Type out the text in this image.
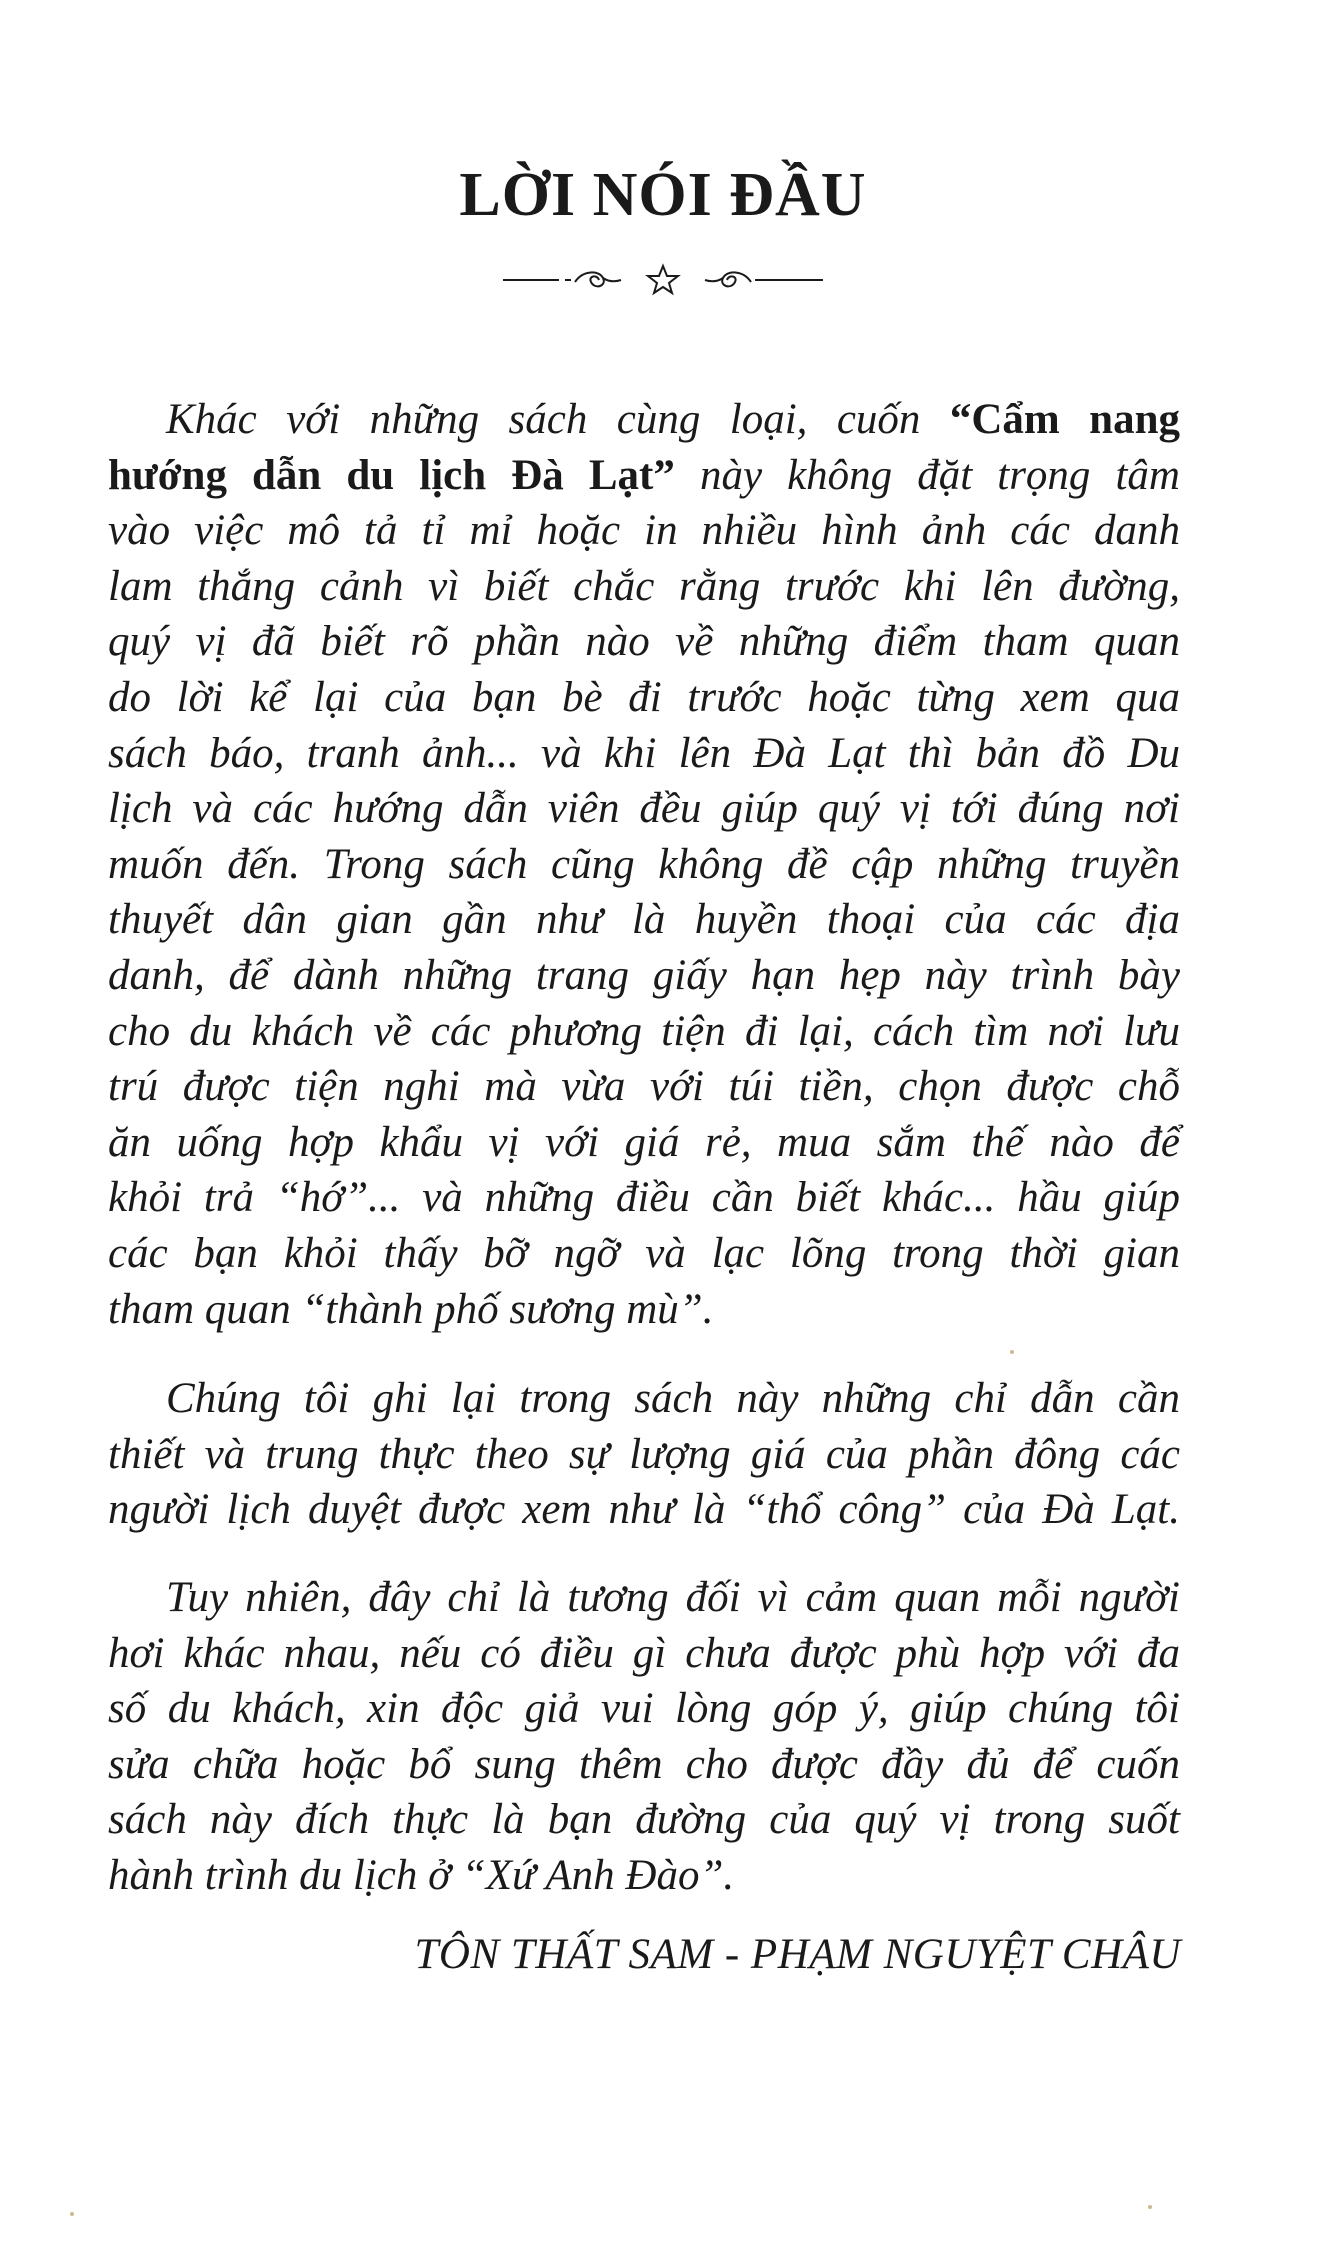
LỜI NÓI ĐẦU
Khác với những sách cùng loại, cuốn “Cẩm nang
hướng dẫn du lịch Đà Lạt” này không đặt trọng tâm
vào việc mô tả tỉ mỉ hoặc in nhiều hình ảnh các danh
lam thắng cảnh vì biết chắc rằng trước khi lên đường,
quý vị đã biết rõ phần nào về những điểm tham quan
do lời kể lại của bạn bè đi trước hoặc từng xem qua
sách báo, tranh ảnh... và khi lên Đà Lạt thì bản đồ Du
lịch và các hướng dẫn viên đều giúp quý vị tới đúng nơi
muốn đến. Trong sách cũng không đề cập những truyền
thuyết dân gian gần như là huyền thoại của các địa
danh, để dành những trang giấy hạn hẹp này trình bày
cho du khách về các phương tiện đi lại, cách tìm nơi lưu
trú được tiện nghi mà vừa với túi tiền, chọn được chỗ
ăn uống hợp khẩu vị với giá rẻ, mua sắm thế nào để
khỏi trả “hớ”... và những điều cần biết khác... hầu giúp
các bạn khỏi thấy bỡ ngỡ và lạc lõng trong thời gian
tham quan “thành phố sương mù”.
Chúng tôi ghi lại trong sách này những chỉ dẫn cần
thiết và trung thực theo sự lượng giá của phần đông các
người lịch duyệt được xem như là “thổ công” của Đà Lạt.
Tuy nhiên, đây chỉ là tương đối vì cảm quan mỗi người
hơi khác nhau, nếu có điều gì chưa được phù hợp với đa
số du khách, xin độc giả vui lòng góp ý, giúp chúng tôi
sửa chữa hoặc bổ sung thêm cho được đầy đủ để cuốn
sách này đích thực là bạn đường của quý vị trong suốt
hành trình du lịch ở “Xứ Anh Đào”.
TÔN THẤT SAM - PHẠM NGUYỆT CHÂU
